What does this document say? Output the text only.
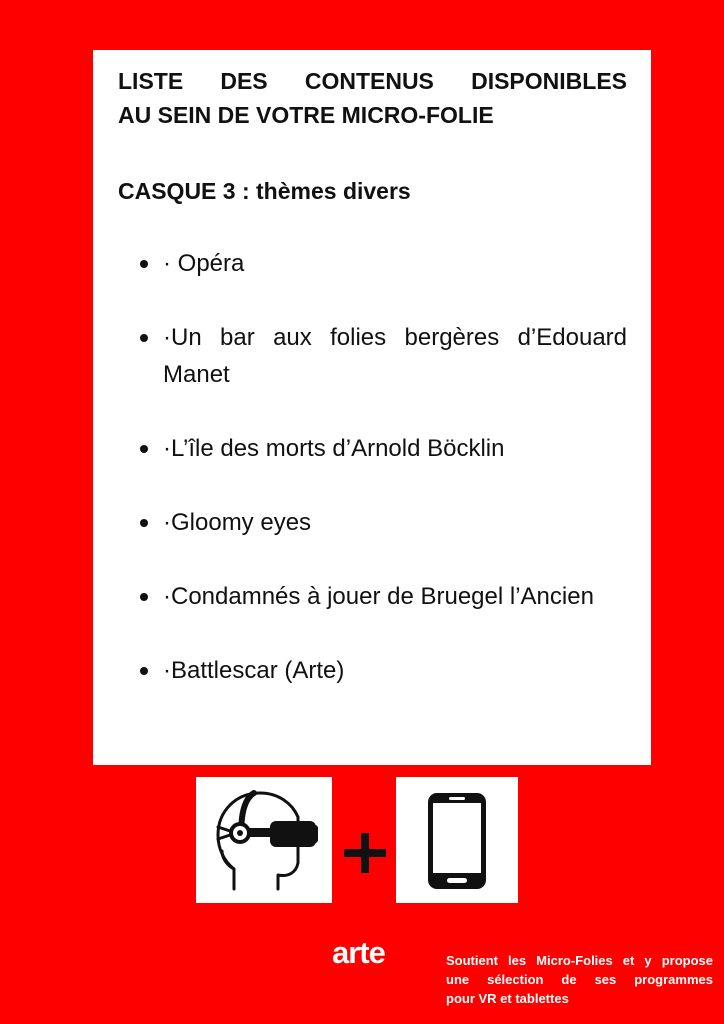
LISTE DES CONTENUS DISPONIBLES
AU SEIN DE VOTRE MICRO-FOLIE
CASQUE 3 : thèmes divers
· Opéra
·Un bar aux folies bergères d’Edouard Manet
·L’île des morts d’Arnold Böcklin
·Gloomy eyes
·Condamnés à jouer de Bruegel l’Ancien
·Battlescar (Arte)
arte	Soutient les Micro-Folies et y propose
une sélection de ses programmes
pour VR et tablettes
